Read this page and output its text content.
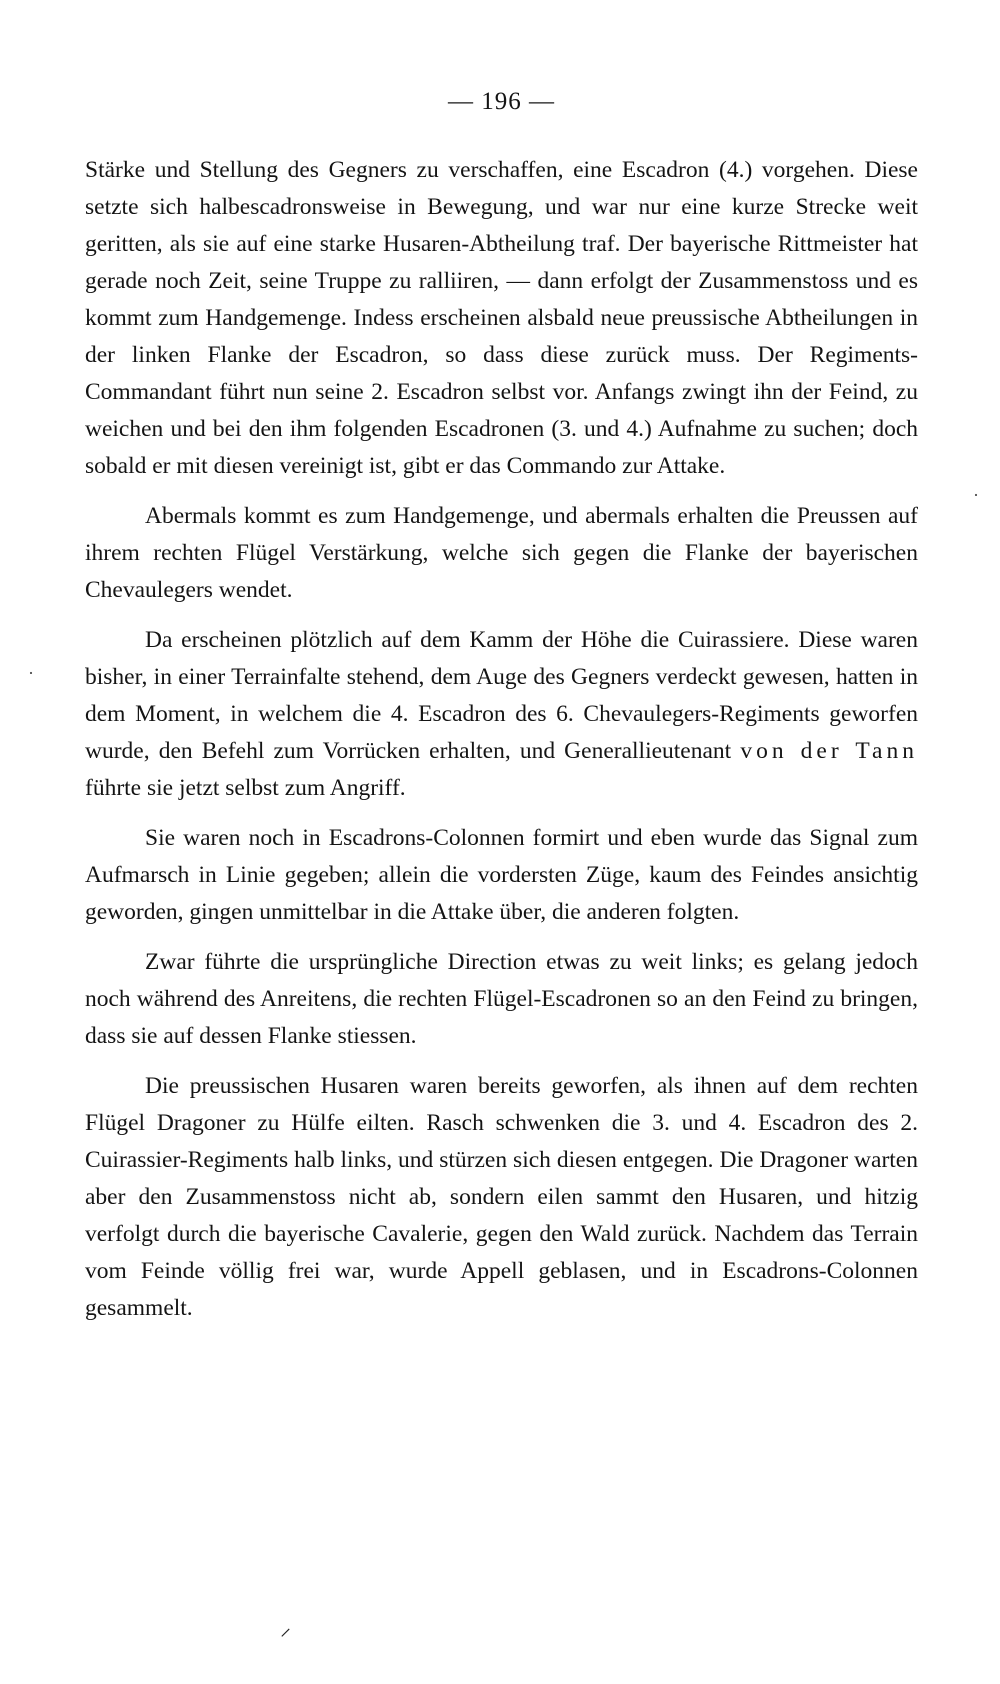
— 196 —

Stärke und Stellung des Gegners zu verschaffen, eine Escadron (4.) vorgehen. Diese setzte sich halbescadronsweise in Bewegung, und war nur eine kurze Strecke weit geritten, als sie auf eine starke Husaren-Abtheilung traf. Der bayerische Rittmeister hat gerade noch Zeit, seine Truppe zu ralliiren, — dann erfolgt der Zusammenstoss und es kommt zum Handgemenge. Indess erscheinen alsbald neue preussische Abtheilungen in der linken Flanke der Escadron, so dass diese zurück muss. Der Regiments-Commandant führt nun seine 2. Escadron selbst vor. Anfangs zwingt ihn der Feind, zu weichen und bei den ihm folgenden Escadronen (3. und 4.) Aufnahme zu suchen; doch sobald er mit diesen vereinigt ist, gibt er das Commando zur Attake.

Abermals kommt es zum Handgemenge, und abermals erhalten die Preussen auf ihrem rechten Flügel Verstärkung, welche sich gegen die Flanke der bayerischen Chevaulegers wendet.

Da erscheinen plötzlich auf dem Kamm der Höhe die Cuirassiere. Diese waren bisher, in einer Terrainfalte stehend, dem Auge des Gegners verdeckt gewesen, hatten in dem Moment, in welchem die 4. Escadron des 6. Chevaulegers-Regiments geworfen wurde, den Befehl zum Vorrücken erhalten, und Generallieutenant von der Tann führte sie jetzt selbst zum Angriff.

Sie waren noch in Escadrons-Colonnen formirt und eben wurde das Signal zum Aufmarsch in Linie gegeben; allein die vordersten Züge, kaum des Feindes ansichtig geworden, gingen unmittelbar in die Attake über, die anderen folgten.

Zwar führte die ursprüngliche Direction etwas zu weit links; es gelang jedoch noch während des Anreitens, die rechten Flügel-Escadronen so an den Feind zu bringen, dass sie auf dessen Flanke stiessen.

Die preussischen Husaren waren bereits geworfen, als ihnen auf dem rechten Flügel Dragoner zu Hülfe eilten. Rasch schwenken die 3. und 4. Escadron des 2. Cuirassier-Regiments halb links, und stürzen sich diesen entgegen. Die Dragoner warten aber den Zusammenstoss nicht ab, sondern eilen sammt den Husaren, und hitzig verfolgt durch die bayerische Cavalerie, gegen den Wald zurück. Nachdem das Terrain vom Feinde völlig frei war, wurde Appell geblasen, und in Escadrons-Colonnen gesammelt.

·
·
⸝
